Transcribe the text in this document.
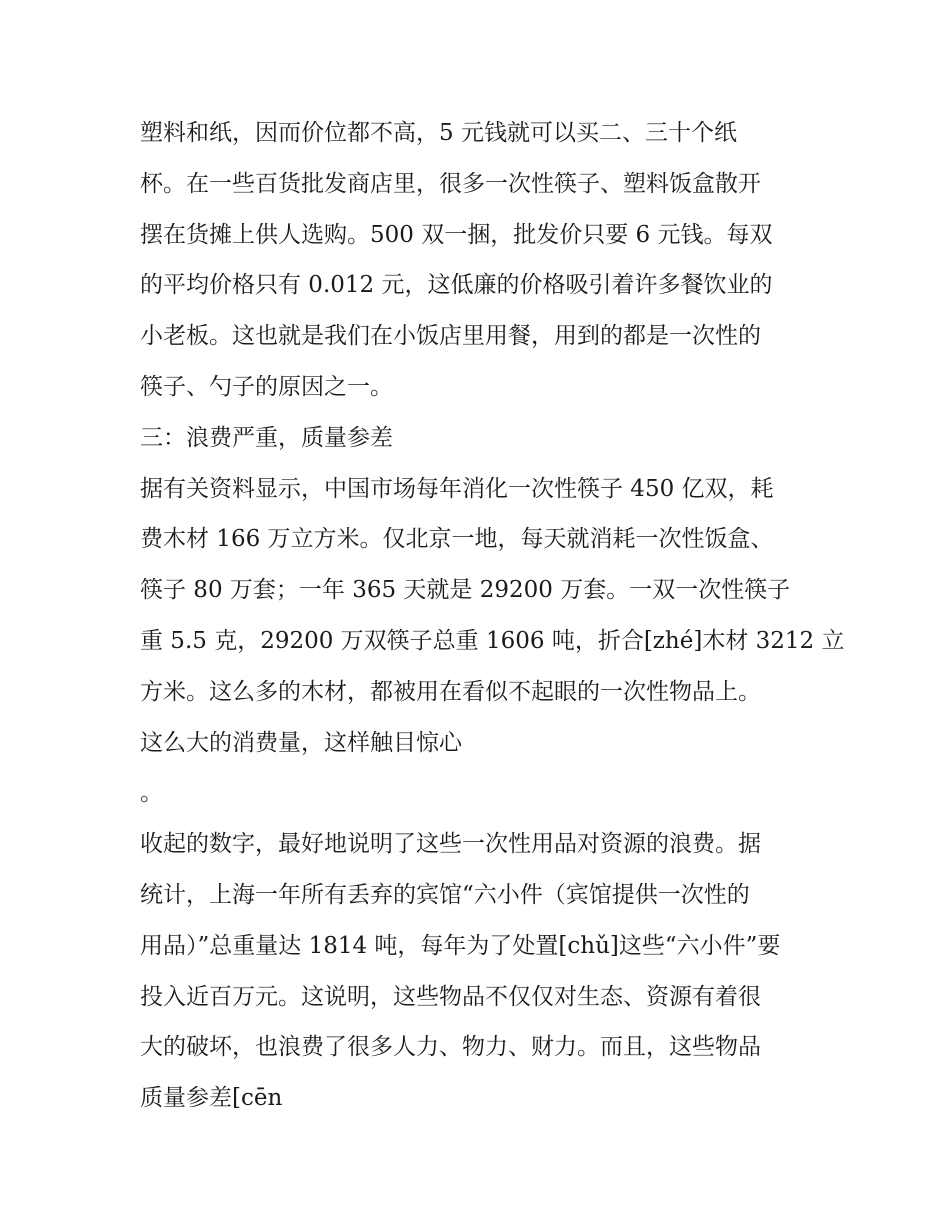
塑料和纸，因而价位都不高，5 元钱就可以买二、三十个纸
杯。在一些百货批发商店里，很多一次性筷子、塑料饭盒散开
摆在货摊上供人选购。500 双一捆，批发价只要 6 元钱。每双
的平均价格只有 0.012 元，这低廉的价格吸引着许多餐饮业的
小老板。这也就是我们在小饭店里用餐，用到的都是一次性的
筷子、勺子的原因之一。
三：浪费严重，质量参差
据有关资料显示，中国市场每年消化一次性筷子 450 亿双，耗
费木材 166 万立方米。仅北京一地，每天就消耗一次性饭盒、
筷子 80 万套；一年 365 天就是 29200 万套。一双一次性筷子
重 5.5 克，29200 万双筷子总重 1606 吨，折合[zhé]木材 3212 立
方米。这么多的木材，都被用在看似不起眼的一次性物品上。
这么大的消费量，这样触目惊心
。
收起的数字，最好地说明了这些一次性用品对资源的浪费。据
统计，上海一年所有丢弃的宾馆“六小件（宾馆提供一次性的
用品）”总重量达 1814 吨，每年为了处置[chǔ]这些“六小件”要
投入近百万元。这说明，这些物品不仅仅对生态、资源有着很
大的破坏，也浪费了很多人力、物力、财力。而且，这些物品
质量参差[cēn
